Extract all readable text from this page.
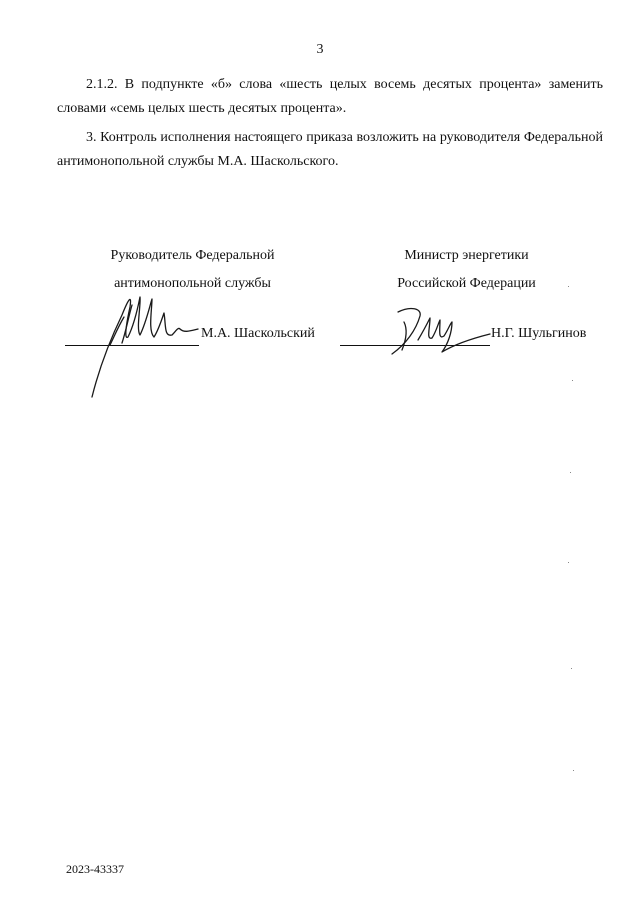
3
2.1.2. В подпункте «б» слова «шесть целых восемь десятых процента» заменить словами «семь целых шесть десятых процента».
3. Контроль исполнения настоящего приказа возложить на руководителя Федеральной антимонопольной службы М.А. Шаскольского.
Руководитель Федеральной
антимонопольной службы
М.А. Шаскольский
Министр энергетики
Российской Федерации
Н.Г. Шульгинов
2023-43337
